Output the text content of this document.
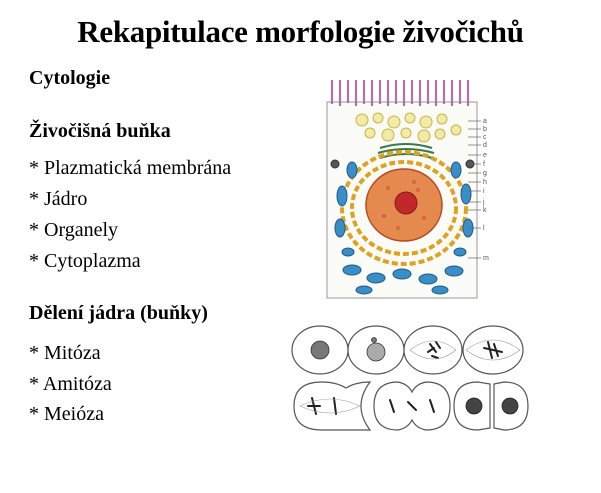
Rekapitulace morfologie živočichů
Cytologie
Živočišná buňka
* Plazmatická membrána
* Jádro
* Organely
* Cytoplazma
Dělení jádra (buňky)
* Mitóza
* Amitóza
* Meióza
a
b
c
d
e
f
g
h
i
j
k
l
m
